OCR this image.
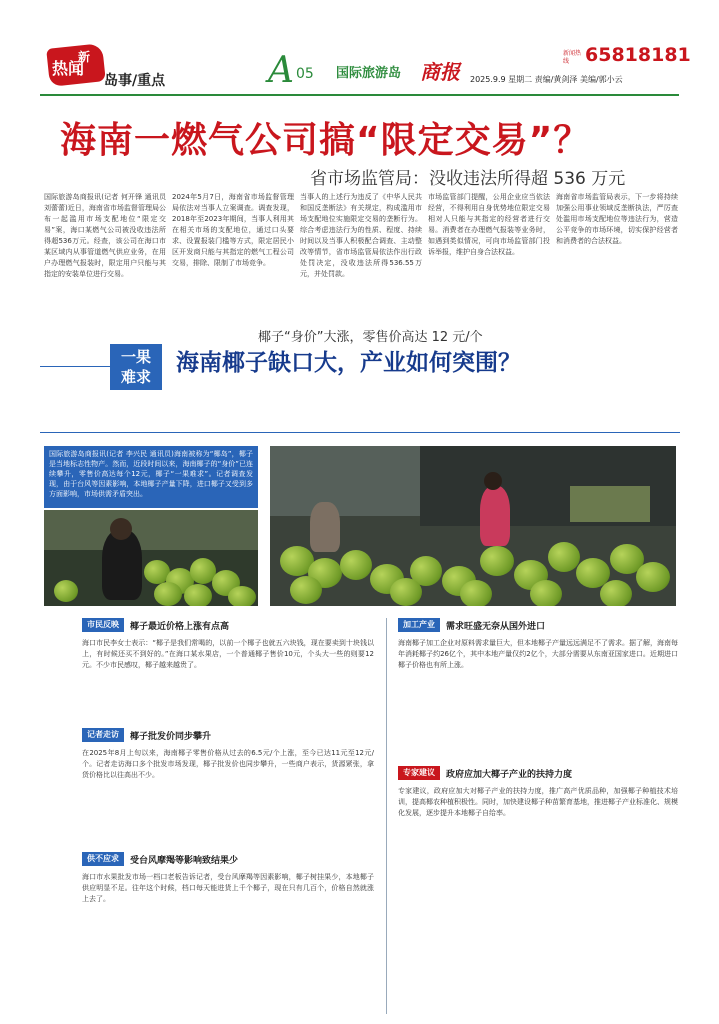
热闻
新
岛事/重点	A 05 国际旅游岛 商报
新闻热线 65818181
2025.9.9 星期二 责编/黄剑泽 美编/郭小云
海南一燃气公司搞“限定交易”？
省市场监管局：没收违法所得超 536 万元
国际旅游岛商报讯(记者 何开锋 通讯员 刘蕾蕾)近日，海南省市场监督管理局公布一起滥用市场支配地位“限定交易”案，海口某燃气公司被没收违法所得超536万元。经查，该公司在海口市某区域内从事管道燃气供应业务，在用户办理燃气报装时，限定用户只能与其指定的安装单位进行交易。
2024年5月7日，海南省市场监督管理局依法对当事人立案调查。调查发现，2018年至2023年期间，当事人利用其在相关市场的支配地位，通过口头要求、设置报装门槛等方式，限定居民小区开发商只能与其指定的燃气工程公司交易，排除、限制了市场竞争。
当事人的上述行为违反了《中华人民共和国反垄断法》有关规定，构成滥用市场支配地位实施限定交易的垄断行为。综合考虑违法行为的性质、程度、持续时间以及当事人积极配合调查、主动整改等情节，省市场监管局依法作出行政处罚决定，没收违法所得536.55万元，并处罚款。
市场监管部门提醒，公用企业应当依法经营，不得利用自身优势地位限定交易相对人只能与其指定的经营者进行交易。消费者在办理燃气报装等业务时，如遇到类似情况，可向市场监管部门投诉举报，维护自身合法权益。
海南省市场监管局表示，下一步将持续加强公用事业领域反垄断执法，严厉查处滥用市场支配地位等违法行为，营造公平竞争的市场环境，切实保护经营者和消费者的合法权益。
一果
难求
椰子“身价”大涨，零售价高达 12 元/个
海南椰子缺口大，产业如何突围？
国际旅游岛商报讯(记者 李兴民 通讯员)海南被称为“椰岛”，椰子是当地标志性物产。然而，近段时间以来，海南椰子的“身价”已连续攀升，零售价高达每个12元，椰子“一果难求”。记者调查发现，由于台风等因素影响，本地椰子产量下降，进口椰子又受到多方面影响，市场供需矛盾突出。
市民反映	椰子最近价格上涨有点高
海口市民李女士表示：“椰子是我们常喝的，以前一个椰子也就五六块钱，现在要卖到十块钱以上，有时候还买不到好的。”在海口某水果店，一个普通椰子售价10元，个头大一些的则要12元。不少市民感叹，椰子越来越贵了。
记者走访	椰子批发价同步攀升
在2025年8月上旬以来，海南椰子零售价格从过去的6.5元/个上涨，至今已达11元至12元/个。记者走访海口多个批发市场发现，椰子批发价也同步攀升，一些商户表示，货源紧张，拿货价格比以往高出不少。
供不应求	受台风摩羯等影响致结果少
海口市水果批发市场一档口老板告诉记者，受台风摩羯等因素影响，椰子树挂果少，本地椰子供应明显不足。往年这个时候，档口每天能进货上千个椰子，现在只有几百个，价格自然就涨上去了。
加工产业	需求旺盛无奈从国外进口
海南椰子加工企业对原料需求量巨大，但本地椰子产量远远满足不了需求。据了解，海南每年消耗椰子约26亿个，其中本地产量仅约2亿个，大部分需要从东南亚国家进口。近期进口椰子价格也有所上涨。
专家建议	政府应加大椰子产业的扶持力度
专家建议，政府应加大对椰子产业的扶持力度，推广高产优质品种，加强椰子种植技术培训，提高椰农种植积极性。同时，加快建设椰子种苗繁育基地，推进椰子产业标准化、规模化发展，逐步提升本地椰子自给率。
